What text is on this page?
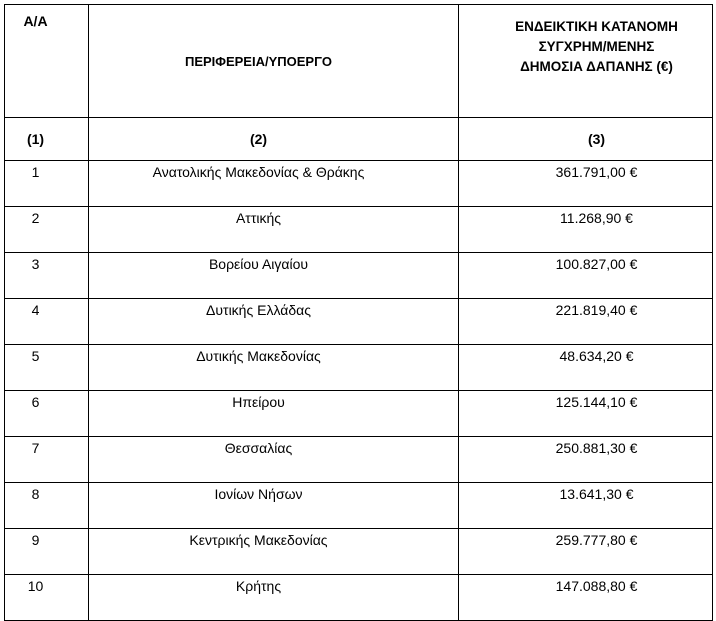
Α/Α	ΠΕΡΙΦΕΡΕΙΑ/ΥΠΟΕΡΓΟ	ΕΝΔΕΙΚΤΙΚΗ ΚΑΤΑΝΟΜΗ
ΣΥΓΧΡΗΜ/ΜΕΝΗΣ
ΔΗΜΟΣΙΑ ΔΑΠΑΝΗΣ (€)

(1)	(2)	(3)
1	Ανατολικής Μακεδονίας & Θράκης	361.791,00 €
2	Αττικής	11.268,90 €
3	Βορείου Αιγαίου	100.827,00 €
4	Δυτικής Ελλάδας	221.819,40 €
5	Δυτικής Μακεδονίας	48.634,20 €
6	Ηπείρου	125.144,10 €
7	Θεσσαλίας	250.881,30 €
8	Ιονίων Νήσων	13.641,30 €
9	Κεντρικής Μακεδονίας	259.777,80 €
10	Κρήτης	147.088,80 €
